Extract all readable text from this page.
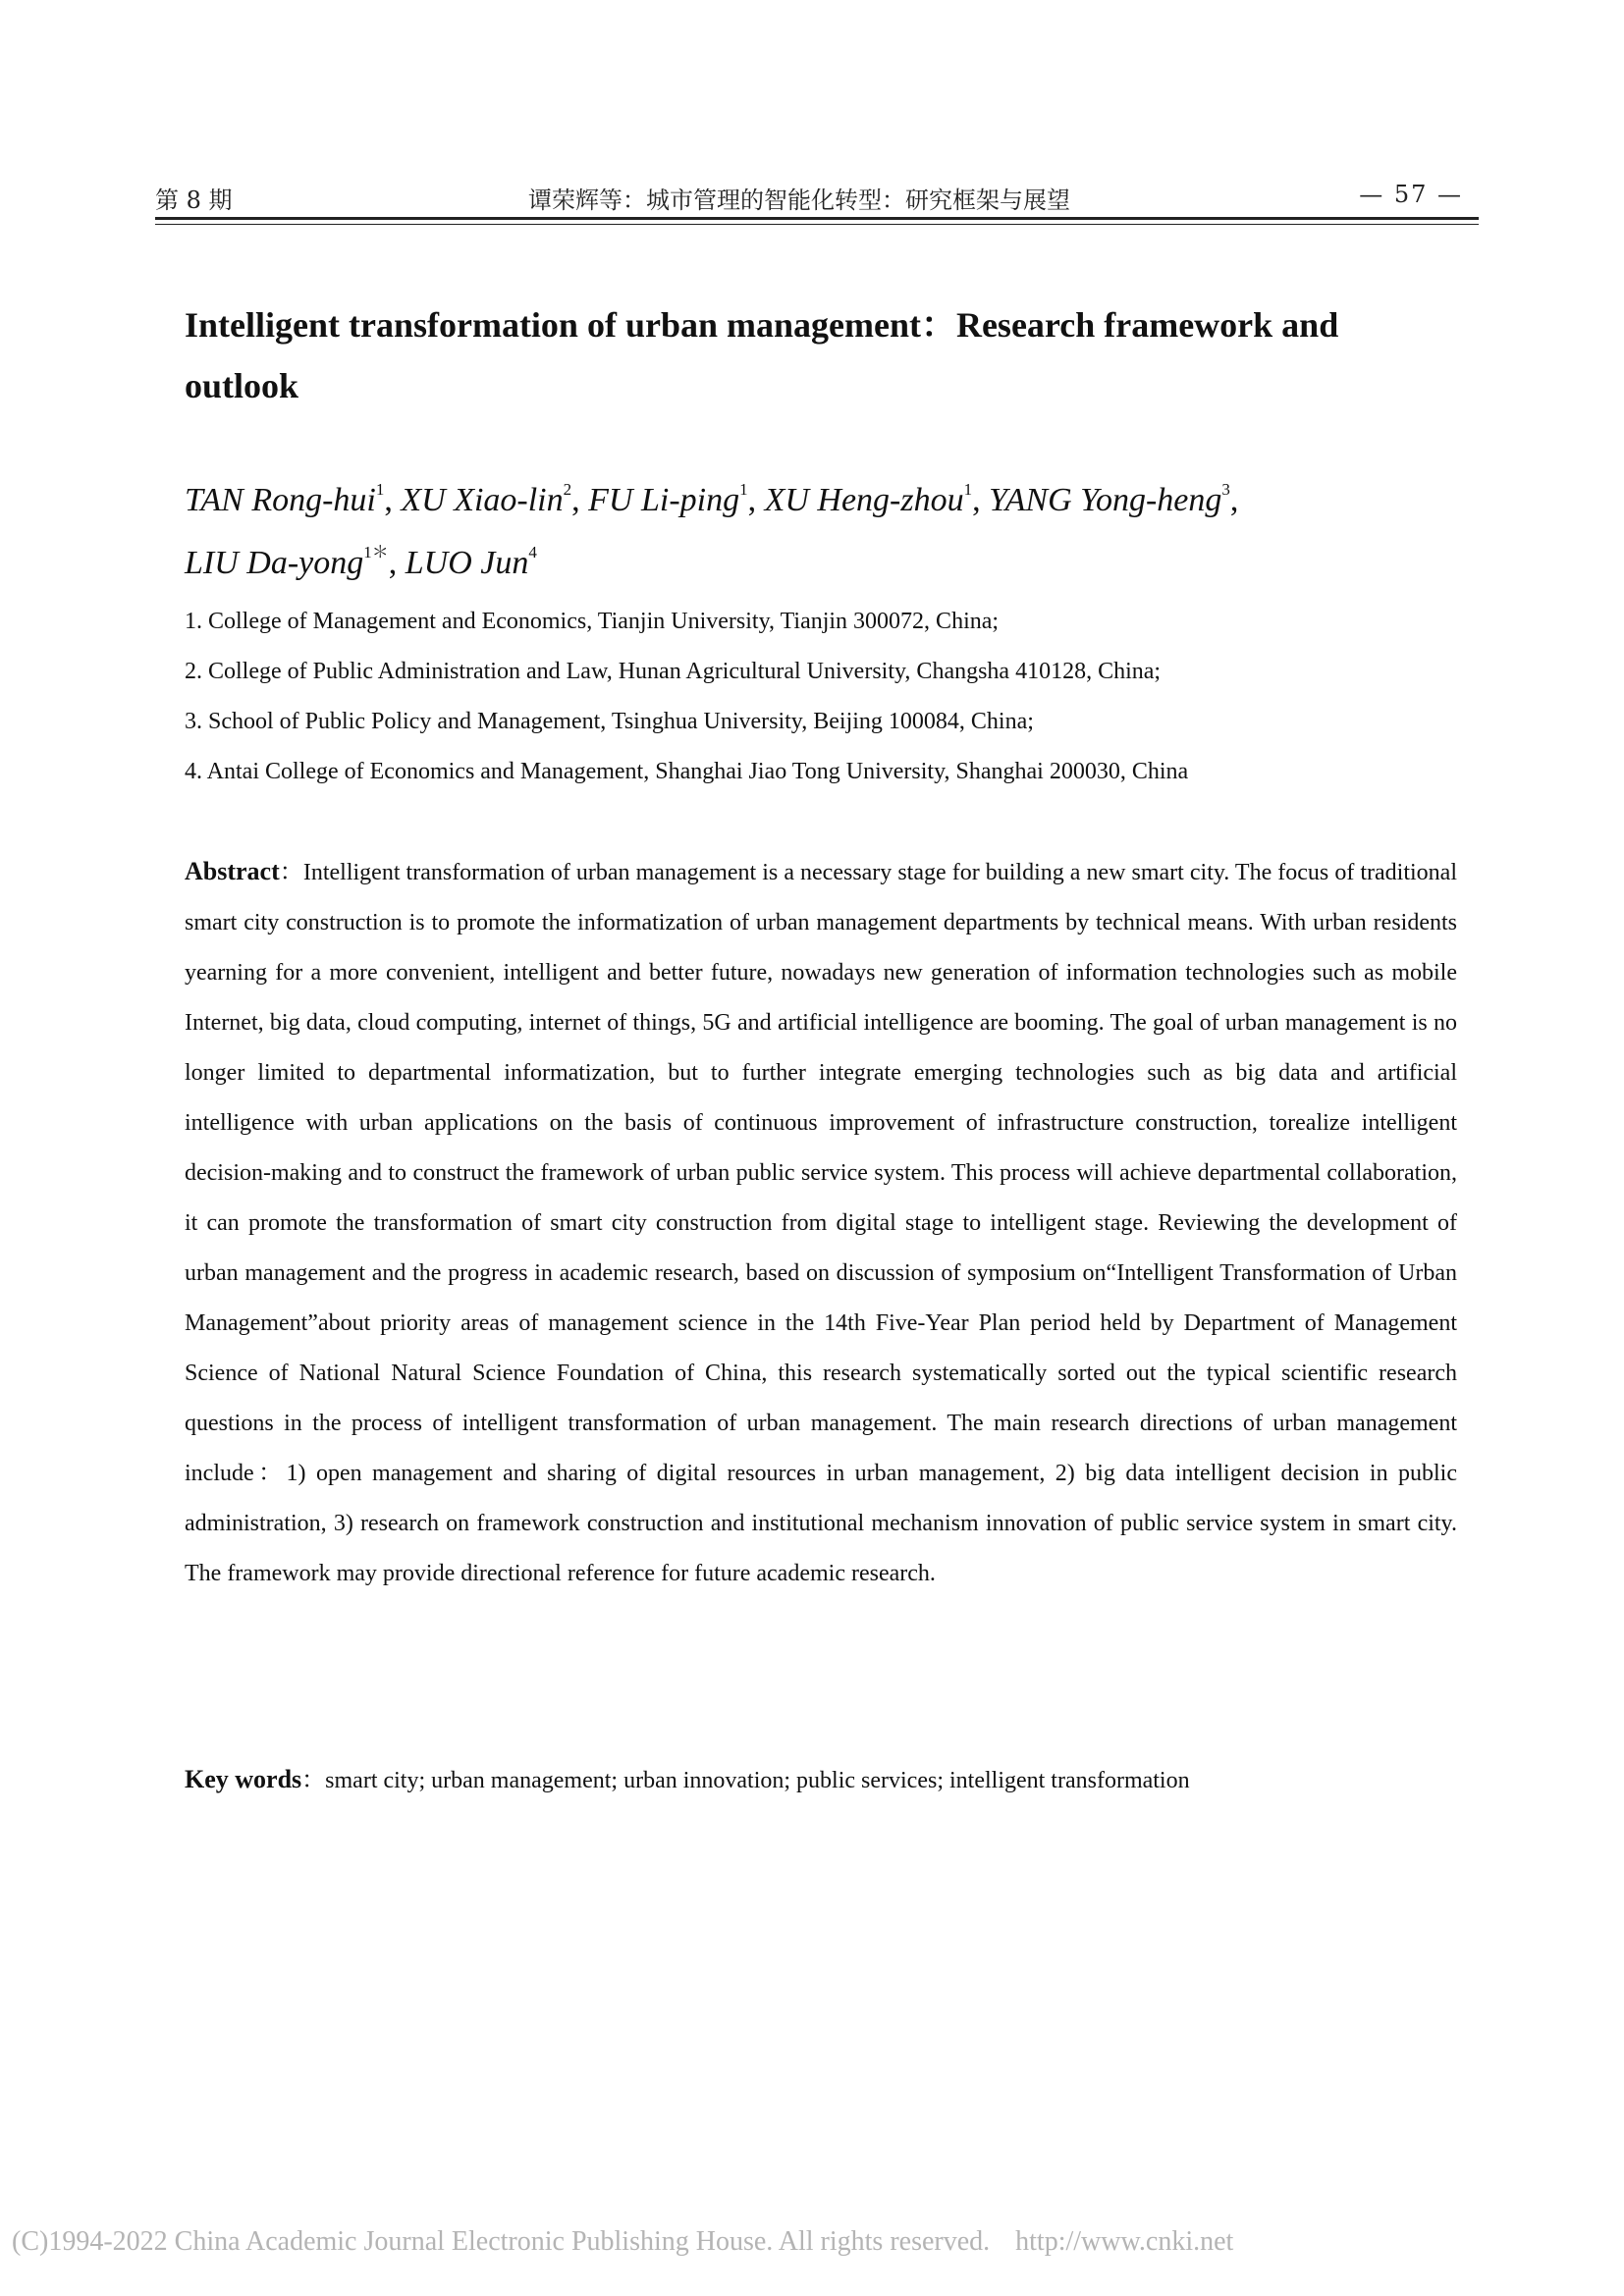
第 8 期	谭荣辉等：城市管理的智能化转型：研究框架与展望	— 57 —
Intelligent transformation of urban management：Research framework and outlook
TAN Rong-hui$^1$, XU Xiao-lin$^2$, FU Li-ping$^1$, XU Heng-zhou$^1$, YANG Yong-heng$^3$,
LIU Da-yong$^{1*}$, LUO Jun$^4$
1. College of Management and Economics, Tianjin University, Tianjin 300072, China;
2. College of Public Administration and Law, Hunan Agricultural University, Changsha 410128, China;
3. School of Public Policy and Management, Tsinghua University, Beijing 100084, China;
4. Antai College of Economics and Management, Shanghai Jiao Tong University, Shanghai 200030, China

Abstract：Intelligent transformation of urban management is a necessary stage for building a new smart city. The focus of traditional smart city construction is to promote the informatization of urban management departments by technical means. With urban residents yearning for a more convenient, intelligent and better future, nowadays new generation of information technologies such as mobile Internet, big data, cloud computing, internet of things, 5G and artificial intelligence are booming. The goal of urban management is no longer limited to departmental informatization, but to further integrate emerging technologies such as big data and artificial intelligence with urban applications on the basis of continuous improvement of infrastructure construction, torealize intelligent decision-making and to construct the framework of urban public service system. This process will achieve departmental collaboration, it can promote the transformation of smart city construction from digital stage to intelligent stage. Reviewing the development of urban management and the progress in academic research, based on discussion of symposium on“Intelligent Transformation of Urban Management”about priority areas of management science in the 14th Five-Year Plan period held by Department of Management Science of National Natural Science Foundation of China, this research systematically sorted out the typical scientific research questions in the process of intelligent transformation of urban management. The main research directions of urban management include：1) open management and sharing of digital resources in urban management, 2) big data intelligent decision in public administration, 3) research on framework construction and institutional mechanism innovation of public service system in smart city. The framework may provide directional reference for future academic research.

Key words：smart city; urban management; urban innovation; public services; intelligent transformation
(C)1994-2022 China Academic Journal Electronic Publishing House. All rights reserved. http://www.cnki.net
